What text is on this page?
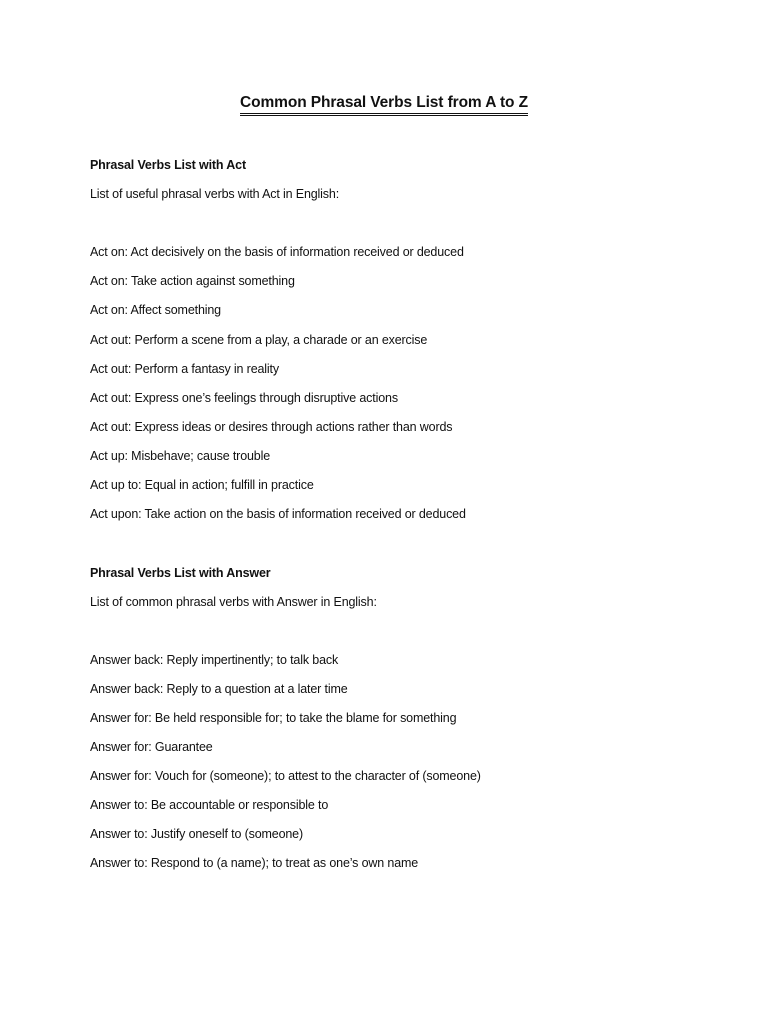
Common Phrasal Verbs List from A to Z
Phrasal Verbs List with Act
List of useful phrasal verbs with Act in English:
Act on: Act decisively on the basis of information received or deduced
Act on: Take action against something
Act on: Affect something
Act out: Perform a scene from a play, a charade or an exercise
Act out: Perform a fantasy in reality
Act out: Express one’s feelings through disruptive actions
Act out: Express ideas or desires through actions rather than words
Act up: Misbehave; cause trouble
Act up to: Equal in action; fulfill in practice
Act upon: Take action on the basis of information received or deduced
Phrasal Verbs List with Answer
List of common phrasal verbs with Answer in English:
Answer back: Reply impertinently; to talk back
Answer back: Reply to a question at a later time
Answer for: Be held responsible for; to take the blame for something
Answer for: Guarantee
Answer for: Vouch for (someone); to attest to the character of (someone)
Answer to: Be accountable or responsible to
Answer to: Justify oneself to (someone)
Answer to: Respond to (a name); to treat as one’s own name
